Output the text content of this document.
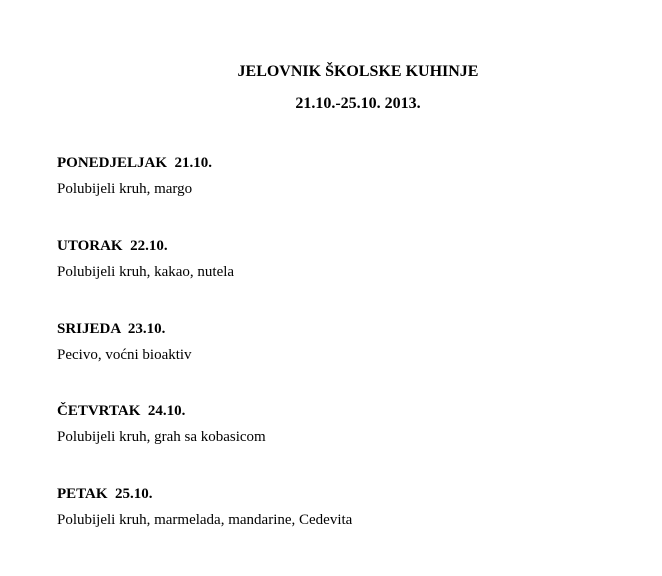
JELOVNIK ŠKOLSKE KUHINJE
21.10.-25.10. 2013.
PONEDJELJAK  21.10.
Polubijeli kruh, margo
UTORAK  22.10.
Polubijeli kruh, kakao, nutela
SRIJEDA  23.10.
Pecivo, voćni bioaktiv
ČETVRTAK  24.10.
Polubijeli kruh, grah sa kobasicom
PETAK  25.10.
Polubijeli kruh, marmelada, mandarine, Cedevita
